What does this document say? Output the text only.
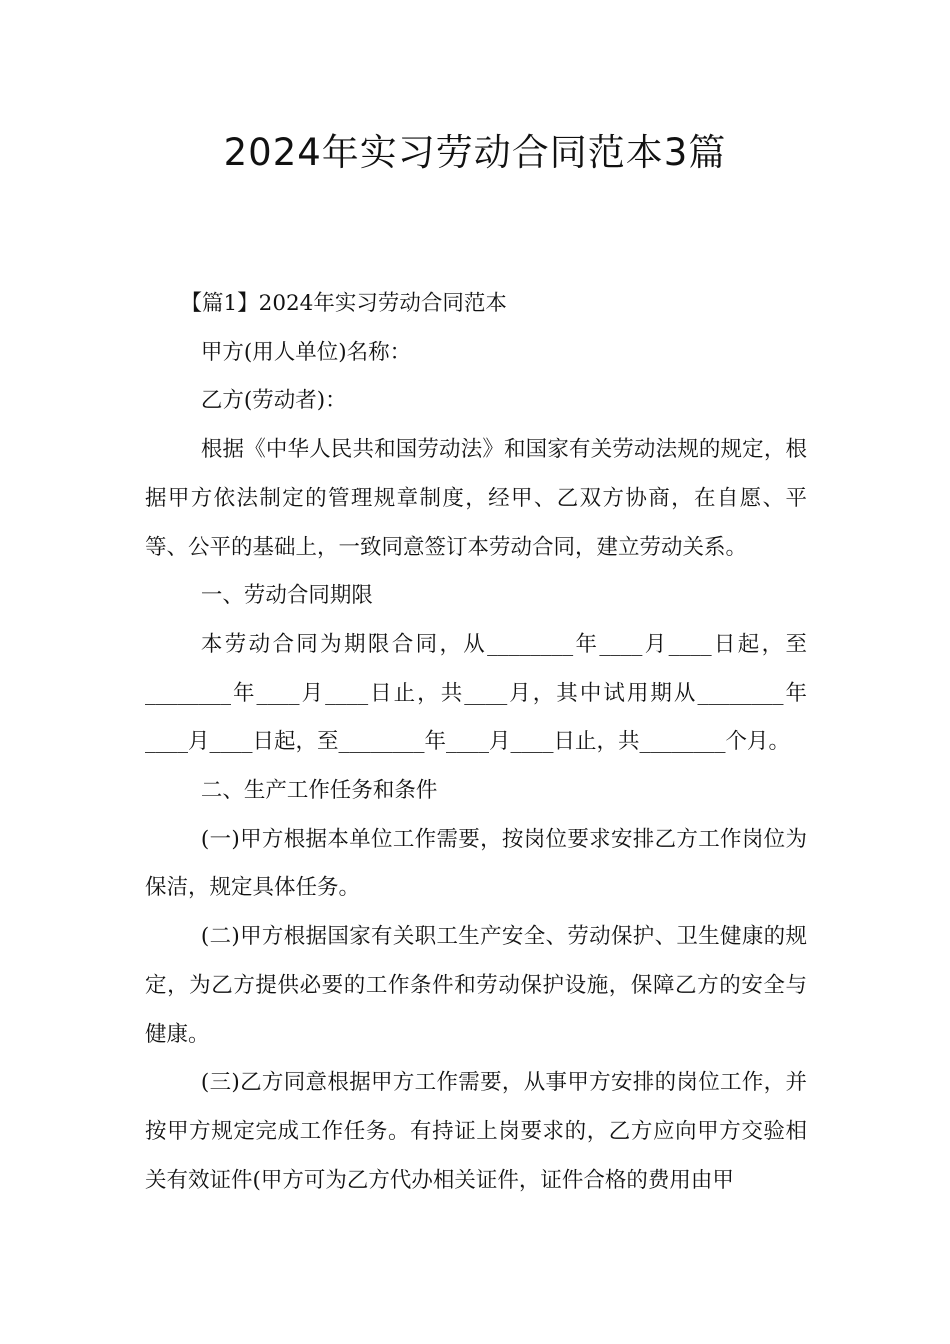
2024年实习劳动合同范本3篇

【篇1】2024年实习劳动合同范本

甲方(用人单位)名称：

乙方(劳动者)：

根据《中华人民共和国劳动法》和国家有关劳动法规的规定，根据甲方依法制定的管理规章制度，经甲、乙双方协商，在自愿、平等、公平的基础上，一致同意签订本劳动合同，建立劳动关系。

一、劳动合同期限

本劳动合同为期限合同，从________年____月____日起，至________年____月____日止，共____月，其中试用期从________年____月____日起，至________年____月____日止，共________个月。

二、生产工作任务和条件

(一)甲方根据本单位工作需要，按岗位要求安排乙方工作岗位为保洁，规定具体任务。

(二)甲方根据国家有关职工生产安全、劳动保护、卫生健康的规定，为乙方提供必要的工作条件和劳动保护设施，保障乙方的安全与健康。

(三)乙方同意根据甲方工作需要，从事甲方安排的岗位工作，并按甲方规定完成工作任务。有持证上岗要求的，乙方应向甲方交验相关有效证件(甲方可为乙方代办相关证件，证件合格的费用由甲
